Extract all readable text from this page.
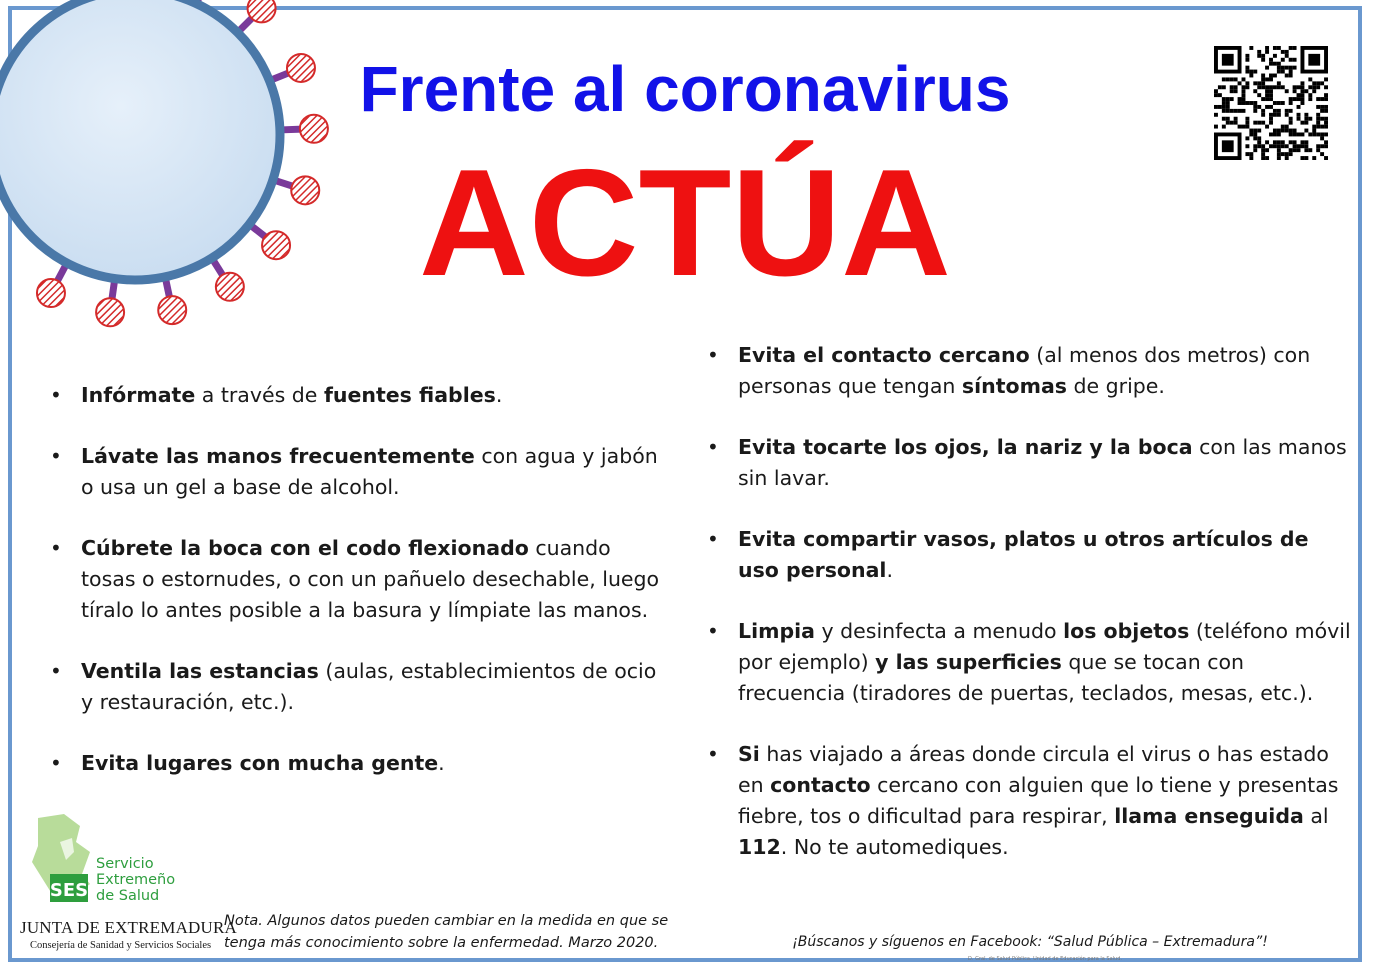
Frente al coronavirus
ACTÚA
• Infórmate a través de fuentes fiables.
• Lávate las manos frecuentemente con agua y jabón o usa un gel a base de alcohol.
• Cúbrete la boca con el codo flexionado cuando tosas o estornudes, o con un pañuelo desechable, luego tíralo lo antes posible a la basura y límpiate las manos.
• Ventila las estancias (aulas, establecimientos de ocio y restauración, etc.).
• Evita lugares con mucha gente.
• Evita el contacto cercano (al menos dos metros) con personas que tengan síntomas de gripe.
• Evita tocarte los ojos, la nariz y la boca con las manos sin lavar.
• Evita compartir vasos, platos u otros artículos de uso personal.
• Limpia y desinfecta a menudo los objetos (teléfono móvil por ejemplo) y las superficies que se tocan con frecuencia (tiradores de puertas, teclados, mesas, etc.).
• Si has viajado a áreas donde circula el virus o has estado en contacto cercano con alguien que lo tiene y presentas fiebre, tos o dificultad para respirar, llama enseguida al 112. No te automediques.
SES

Servicio
Extremeño
de Salud

JUNTA DE EXTREMADURA

Consejería de Sanidad y Servicios Sociales

Nota. Algunos datos pueden cambiar en la medida en que se tenga más conocimiento sobre la enfermedad. Marzo 2020.	¡Búscanos y síguenos en Facebook: “Salud Pública – Extremadura”!

D. Gral. de Salud Pública. Unidad de Educación para la Salud.
